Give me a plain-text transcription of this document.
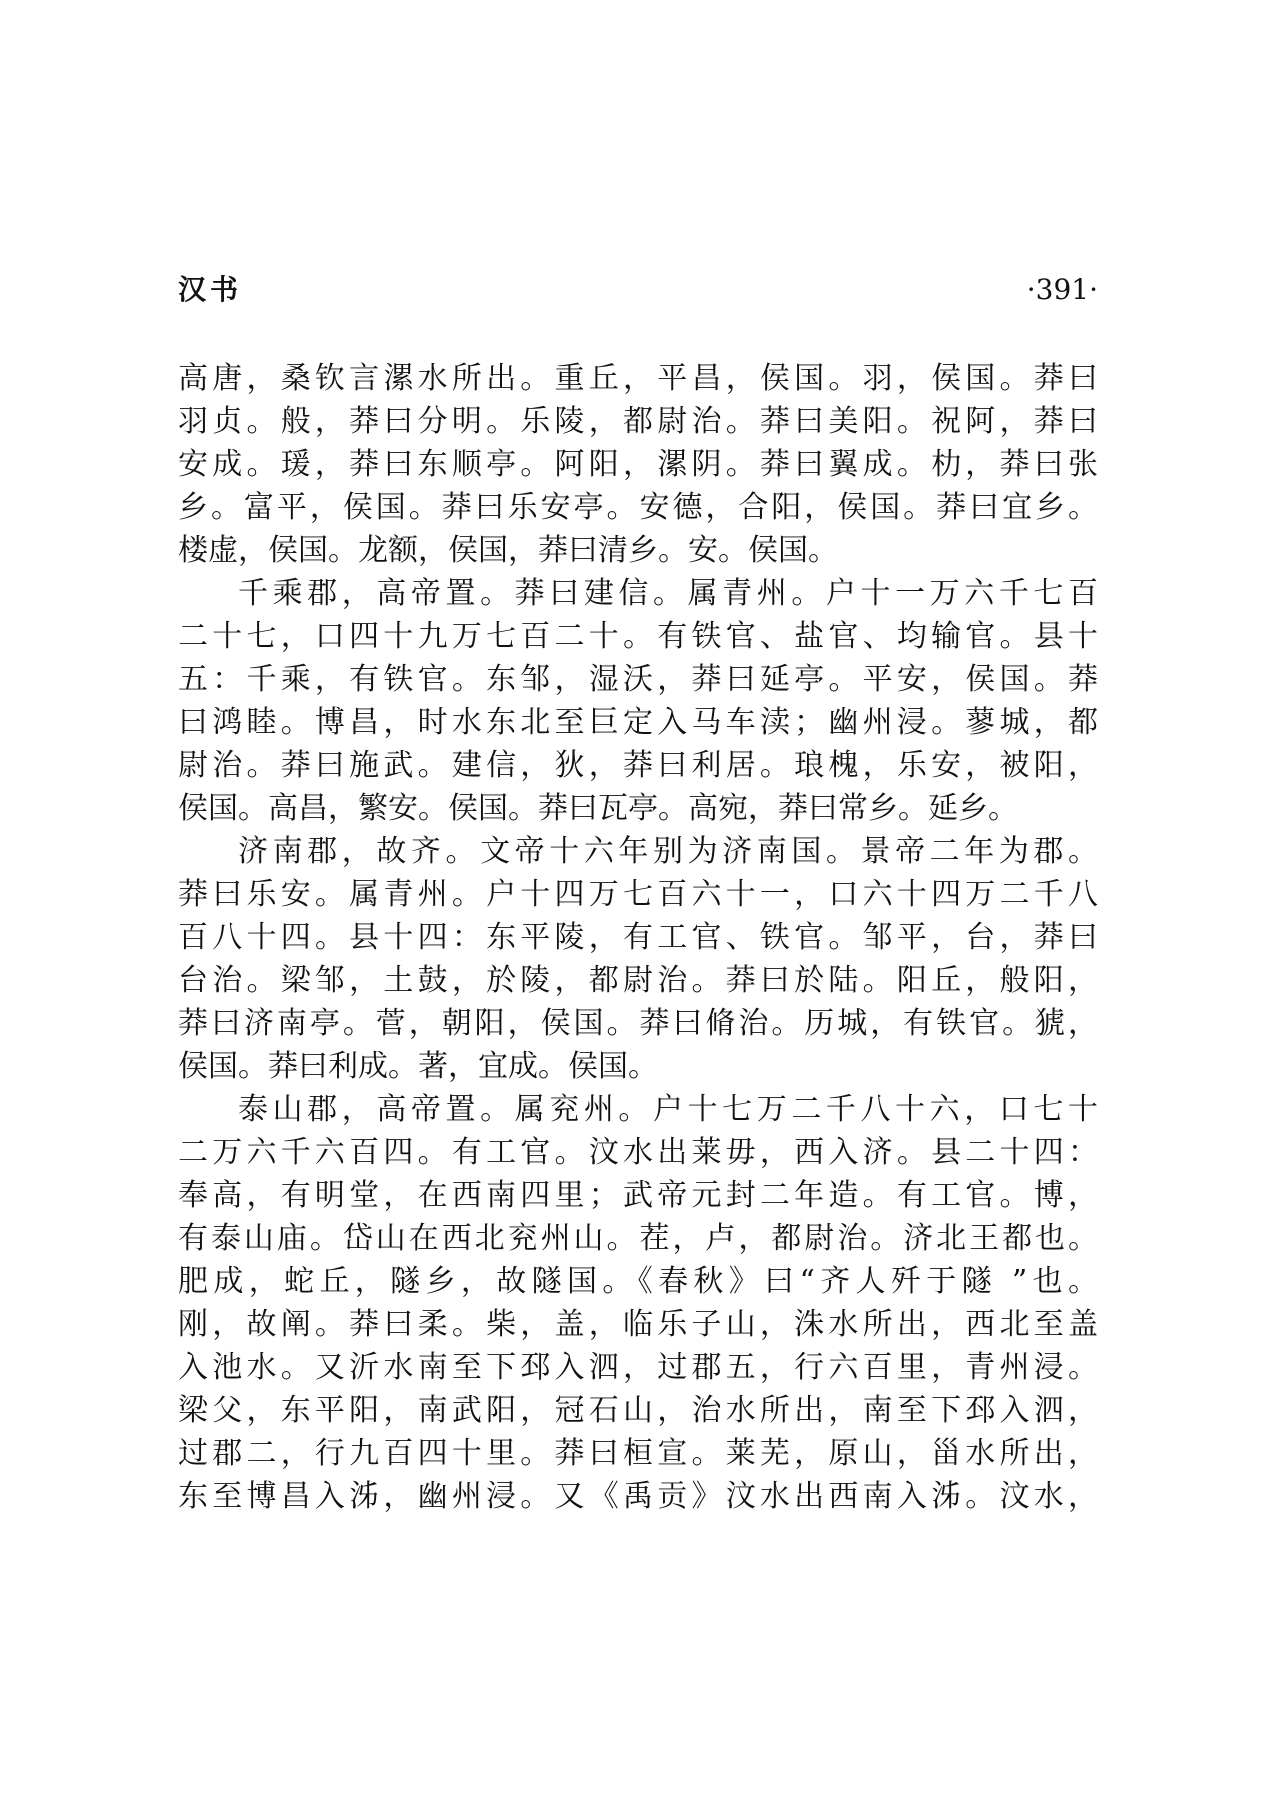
汉书	·391·
高唐，桑钦言漯水所出。重丘，平昌，侯国。羽，侯国。莽曰
羽贞。般，莽曰分明。乐陵，都尉治。莽曰美阳。祝阿，莽曰
安成。瑗，莽曰东顺亭。阿阳，漯阴。莽曰翼成。朸，莽曰张
乡。富平，侯国。莽曰乐安亭。安德，合阳，侯国。莽曰宜乡。
楼虚，侯国。龙额，侯国，莽曰清乡。安。侯国。
千乘郡，高帝置。莽曰建信。属青州。户十一万六千七百
二十七，口四十九万七百二十。有铁官、盐官、均输官。县十
五：千乘，有铁官。东邹，湿沃，莽曰延亭。平安，侯国。莽
曰鸿睦。博昌，时水东北至巨定入马车渎；幽州浸。蓼城，都
尉治。莽曰施武。建信，狄，莽曰利居。琅槐，乐安，被阳，
侯国。高昌，繁安。侯国。莽曰瓦亭。高宛，莽曰常乡。延乡。
济南郡，故齐。文帝十六年别为济南国。景帝二年为郡。
莽曰乐安。属青州。户十四万七百六十一，口六十四万二千八
百八十四。县十四：东平陵，有工官、铁官。邹平，台，莽曰
台治。梁邹，土鼓，於陵，都尉治。莽曰於陆。阳丘，般阳，
莽曰济南亭。菅，朝阳，侯国。莽曰脩治。历城，有铁官。猇，
侯国。莽曰利成。著，宜成。侯国。
泰山郡，高帝置。属兖州。户十七万二千八十六，口七十
二万六千六百四。有工官。汶水出莱毋，西入济。县二十四：
奉高，有明堂，在西南四里；武帝元封二年造。有工官。博，
有泰山庙。岱山在西北兖州山。茬，卢，都尉治。济北王都也。
肥成，蛇丘，隧乡，故隧国。《春秋》曰“齐人歼于隧 ”也。
刚，故阐。莽曰柔。柴，盖，临乐子山，洙水所出，西北至盖
入池水。又沂水南至下邳入泗，过郡五，行六百里，青州浸。
梁父，东平阳，南武阳，冠石山，治水所出，南至下邳入泗，
过郡二，行九百四十里。莽曰桓宣。莱芜，原山，甾水所出，
东至博昌入泲，幽州浸。又《禹贡》汶水出西南入泲。汶水，
